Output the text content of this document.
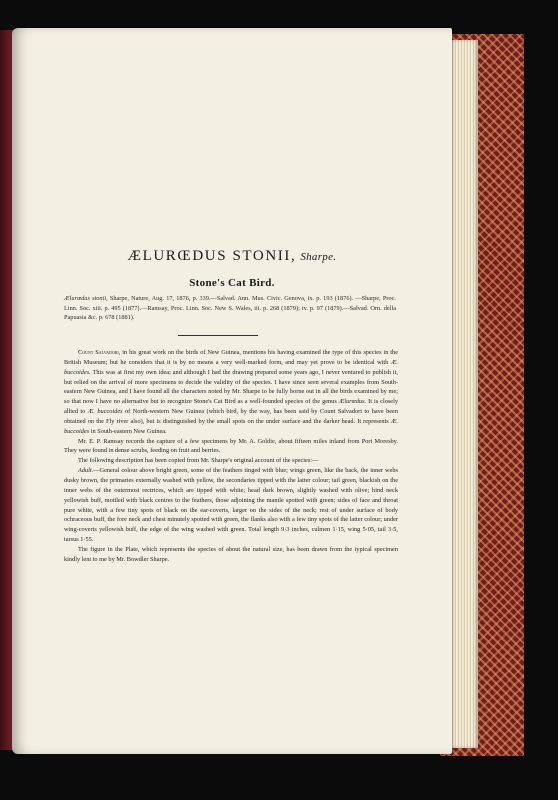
ÆLURŒDUS STONII, Sharpe.
Stone's Cat Bird.
Ælurœdus stonii, Sharpe, Nature, Aug. 17, 1876, p. 339.—Salvad. Ann. Mus. Civic. Genova, ix. p. 193 (1876). —Sharpe, Proc. Linn. Soc. xiii. p. 495 (1877).—Ramsay, Proc. Linn. Soc. New S. Wales, iii. p. 268 (1879); iv. p. 97 (1879).—Salvad. Orn. della Papuasia &c. p. 678 (1881).

Count Salvadori, in his great work on the birds of New Guinea, mentions his having examined the type of this species in the British Museum; but he considers that it is by no means a very well-marked form, and may yet prove to be identical with Æ. buccoides. This was at first my own idea; and although I had the drawing prepared some years ago, I never ventured to publish it, but relied on the arrival of more specimens to decide the validity of the species. I have since seen several examples from South-eastern New Guinea, and I have found all the characters noted by Mr. Sharpe to be fully borne out in all the birds examined by me; so that now I have no alternative but to recognize Stone's Cat Bird as a well-founded species of the genus Ælurœdus. It is closely allied to Æ. buccoides of North-western New Guinea (which bird, by the way, has been said by Count Salvadori to have been obtained on the Fly river also), but is distinguished by the small spots on the under surface and the darker head. It represents Æ. buccoides in South-eastern New Guinea.

Mr. E. P. Ramsay records the capture of a few specimens by Mr. A. Goldie, about fifteen miles inland from Port Moresby. They were found in dense scrubs, feeding on fruit and berries.

The following description has been copied from Mr. Sharpe's original account of the species:—

Adult.—General colour above bright green, some of the feathers tinged with blue; wings green, like the back, the inner webs dusky brown, the primaries externally washed with yellow, the secondaries tipped with the latter colour; tail green, blackish on the inner webs of the outermost rectrices, which are tipped with white; head dark brown, slightly washed with olive; hind neck yellowish buff, mottled with black centres to the feathers, those adjoining the mantle spotted with green; sides of face and throat pure white, with a few tiny spots of black on the ear-coverts, larger on the sides of the neck; rest of under surface of body ochraceous buff, the fore neck and chest minutely spotted with green, the flanks also with a few tiny spots of the latter colour; under wing-coverts yellowish buff, the edge of the wing washed with green. Total length 9·3 inches, culmen 1·15, wing 5·05, tail 3·5, tarsus 1·55.

The figure in the Plate, which represents the species of about the natural size, has been drawn from the typical specimen kindly lent to me by Mr. Bowdler Sharpe.
